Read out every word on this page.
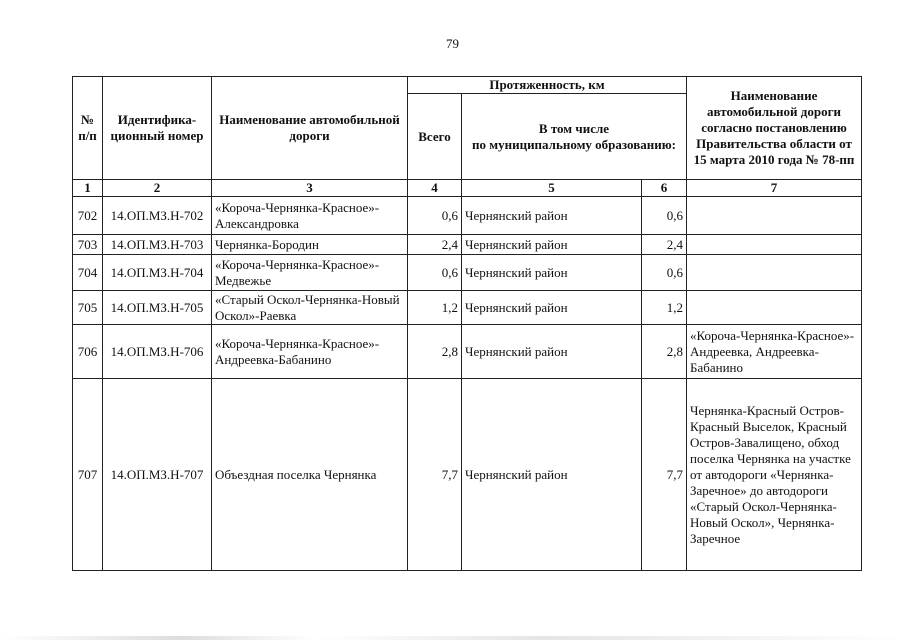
79
№ п/п	Идентифика-ционный номер	Наименование автомобильной дороги	Протяженность, км			Наименование автомобильной дороги согласно постановлению Правительства области от 15 марта 2010 года № 78-пп
			Всего	В том числе
по муниципальному образованию:		

1	2	3	4	5	6	7
702	14.ОП.МЗ.Н-702	«Короча-Чернянка-Красное»-Александровка	0,6	Чернянский район	0,6	
703	14.ОП.МЗ.Н-703	Чернянка-Бородин	2,4	Чернянский район	2,4	
704	14.ОП.МЗ.Н-704	«Короча-Чернянка-Красное»-Медвежье	0,6	Чернянский район	0,6	
705	14.ОП.МЗ.Н-705	«Старый Оскол-Чернянка-Новый Оскол»-Раевка	1,2	Чернянский район	1,2	
706	14.ОП.МЗ.Н-706	«Короча-Чернянка-Красное»-Андреевка-Бабанино	2,8	Чернянский район	2,8	«Короча-Чернянка-Красное»-Андреевка, Андреевка-Бабанино
707	14.ОП.МЗ.Н-707	Объездная поселка Чернянка	7,7	Чернянский район	7,7	Чернянка-Красный Остров-Красный Выселок, Красный Остров-Завалищено, обход поселка Чернянка на участке от автодороги «Чернянка-Заречное» до автодороги «Старый Оскол-Чернянка-Новый Оскол», Чернянка-Заречное
